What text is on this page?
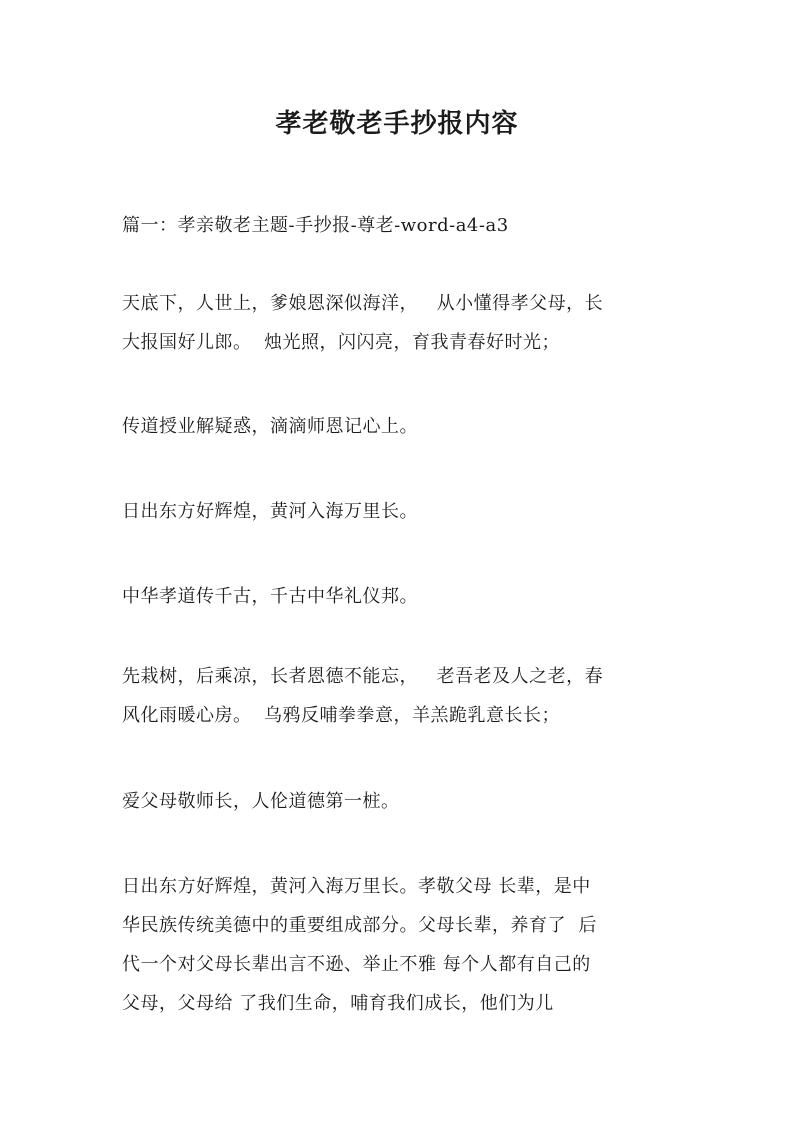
孝老敬老手抄报内容
篇一：孝亲敬老主题-手抄报-尊老-word-a4-a3
天底下，人世上，爹娘恩深似海洋，   从小懂得孝父母，长
大报国好儿郎。  烛光照，闪闪亮，育我青春好时光；
传道授业解疑惑，滴滴师恩记心上。
日出东方好辉煌，黄河入海万里长。
中华孝道传千古，千古中华礼仪邦。
先栽树，后乘凉，长者恩德不能忘，   老吾老及人之老，春
风化雨暖心房。  乌鸦反哺拳拳意，羊羔跪乳意长长；
爱父母敬师长，人伦道德第一桩。
日出东方好辉煌，黄河入海万里长。孝敬父母 长辈，是中
华民族传统美德中的重要组成部分。父母长辈，养育了  后
代一个对父母长辈出言不逊、举止不雅 每个人都有自己的
父母，父母给 了我们生命，哺育我们成长，他们为儿
